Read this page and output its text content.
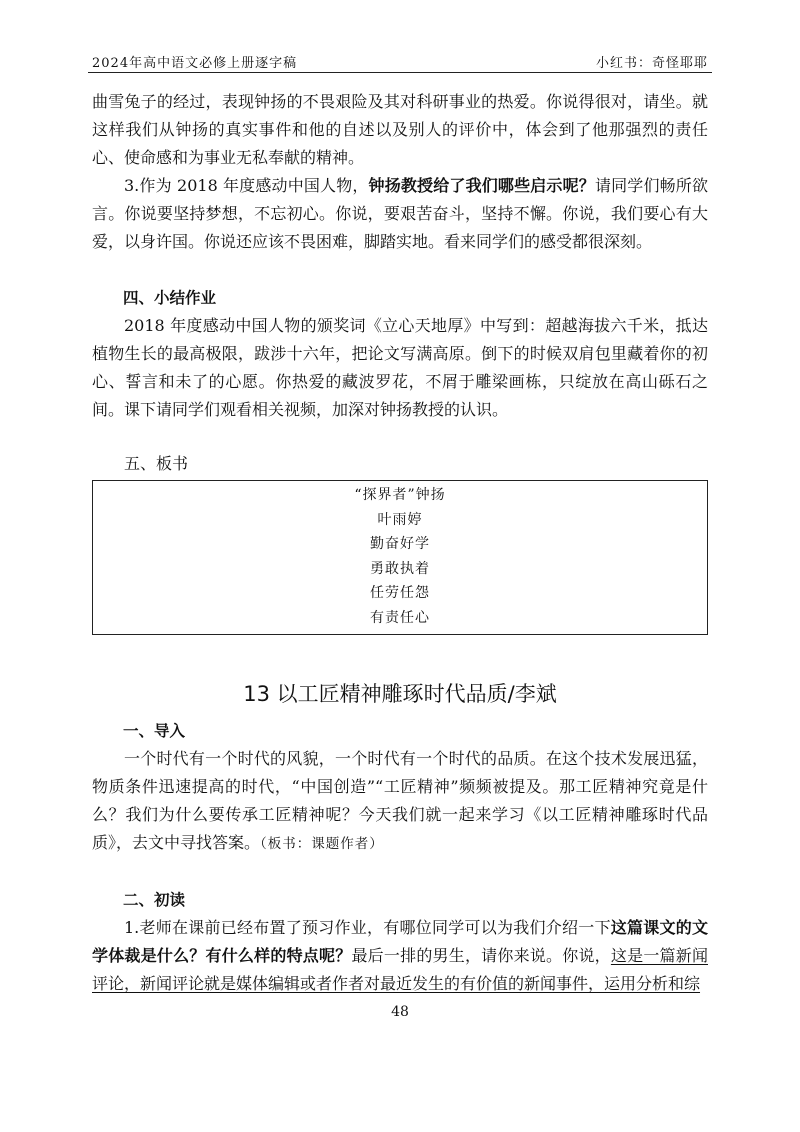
2024年高中语文必修上册逐字稿	小红书：奇怪耶耶

曲雪兔子的经过，表现钟扬的不畏艰险及其对科研事业的热爱。你说得很对，请坐。就这样我们从钟扬的真实事件和他的自述以及别人的评价中，体会到了他那强烈的责任心、使命感和为事业无私奉献的精神。

3.作为 2018 年度感动中国人物，钟扬教授给了我们哪些启示呢？请同学们畅所欲言。你说要坚持梦想，不忘初心。你说，要艰苦奋斗，坚持不懈。你说，我们要心有大爱，以身许国。你说还应该不畏困难，脚踏实地。看来同学们的感受都很深刻。

四、小结作业

2018 年度感动中国人物的颁奖词《立心天地厚》中写到：超越海拔六千米，抵达植物生长的最高极限，跋涉十六年，把论文写满高原。倒下的时候双肩包里藏着你的初心、誓言和未了的心愿。你热爱的藏波罗花，不屑于雕梁画栋，只绽放在高山砾石之间。课下请同学们观看相关视频，加深对钟扬教授的认识。

五、板书
“探界者”钟扬
叶雨婷
勤奋好学
勇敢执着
任劳任怨
有责任心
13 以工匠精神雕琢时代品质/李斌
一、导入

一个时代有一个时代的风貌，一个时代有一个时代的品质。在这个技术发展迅猛，物质条件迅速提高的时代，“中国创造”“工匠精神”频频被提及。那工匠精神究竟是什么？我们为什么要传承工匠精神呢？今天我们就一起来学习《以工匠精神雕琢时代品质》，去文中寻找答案。（板书：课题作者）

二、初读

1.老师在课前已经布置了预习作业，有哪位同学可以为我们介绍一下这篇课文的文学体裁是什么？有什么样的特点呢？最后一排的男生，请你来说。你说，这是一篇新闻评论，新闻评论就是媒体编辑或者作者对最近发生的有价值的新闻事件，运用分析和综

48
